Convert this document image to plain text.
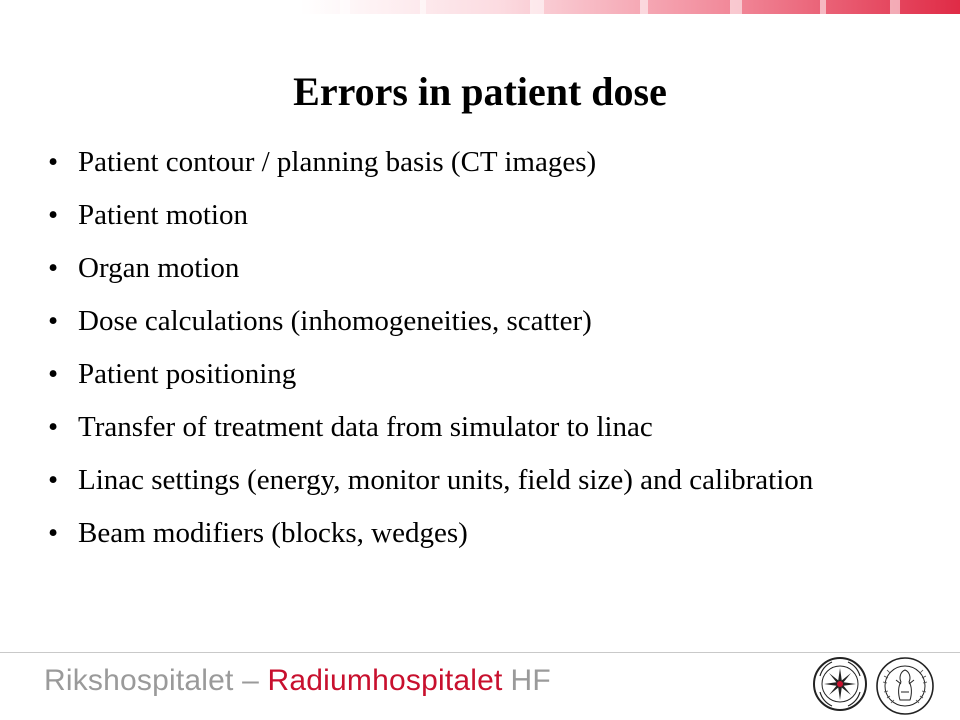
Errors in patient dose
• Patient contour / planning basis (CT images)
• Patient motion
• Organ motion
• Dose calculations (inhomogeneities, scatter)
• Patient positioning
• Transfer of treatment data from simulator to linac
• Linac settings (energy, monitor units, field size) and calibration
• Beam modifiers (blocks, wedges)
Rikshospitalet – Radiumhospitalet HF
